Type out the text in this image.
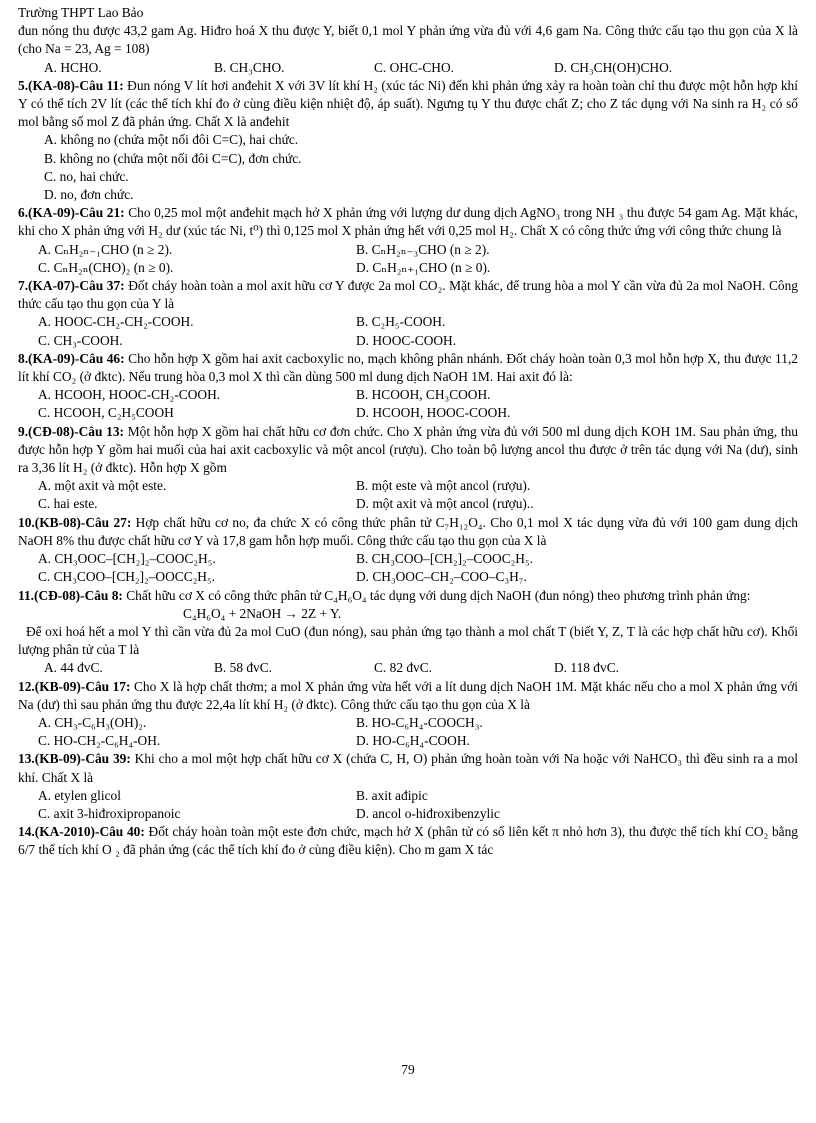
Trường THPT Lao Bảo

đun nóng thu được 43,2 gam Ag. Hiđro hoá X thu được Y, biết 0,1 mol Y phản ứng vừa đủ với 4,6 gam Na. Công thức cấu tạo thu gọn của X là (cho Na = 23, Ag = 108)

A. HCHO.	B. CH₃CHO.	C. OHC-CHO.	D. CH₃CH(OH)CHO.

5.(KA-08)-Câu 11: Đun nóng V lít hơi anđehit X với 3V lít khí H₂ (xúc tác Ni) đến khi phản ứng xảy ra hoàn toàn chỉ thu được một hỗn hợp khí Y có thể tích 2V lít (các thể tích khí đo ở cùng điều kiện nhiệt độ, áp suất). Ngưng tụ Y thu được chất Z; cho Z tác dụng với Na sinh ra H₂ có số mol bằng số mol Z đã phản ứng. Chất X là anđehit

A. không no (chứa một nối đôi C=C), hai chức.
B. không no (chứa một nối đôi C=C), đơn chức.
C. no, hai chức.
D. no, đơn chức.

6.(KA-09)-Câu 21: Cho 0,25 mol một anđehit mạch hở X phản ứng với lượng dư dung dịch AgNO₃ trong NH ₃ thu được 54 gam Ag. Mặt khác, khi cho X phản ứng với H₂ dư (xúc tác Ni, t⁰) thì 0,125 mol X phản ứng hết với 0,25 mol H₂. Chất X có công thức ứng với công thức chung là

A. CₙH₂ₙ₋₁CHO (n ≥ 2).	B. CₙH₂ₙ₋₃CHO (n ≥ 2).
C. CₙH₂ₙ(CHO)₂ (n ≥ 0).	D. CₙH₂ₙ₊₁CHO (n ≥ 0).

7.(KA-07)-Câu 37: Đốt cháy hoàn toàn a mol axit hữu cơ Y được 2a mol CO₂. Mặt khác, để trung hòa a mol Y cần vừa đủ 2a mol NaOH. Công thức cấu tạo thu gọn của Y là

A. HOOC-CH₂-CH₂-COOH.	B. C₂H₅-COOH.
C. CH₃-COOH.	D. HOOC-COOH.

8.(KA-09)-Câu 46: Cho hỗn hợp X gồm hai axit cacboxylic no, mạch không phân nhánh. Đốt cháy hoàn toàn 0,3 mol hỗn hợp X, thu được 11,2 lít khí CO₂ (ở đktc). Nếu trung hòa 0,3 mol X thì cần dùng 500 ml dung dịch NaOH 1M. Hai axit đó là:

A. HCOOH, HOOC-CH₂-COOH.	B. HCOOH, CH₃COOH.
C. HCOOH, C₂H₅COOH	D. HCOOH, HOOC-COOH.

9.(CĐ-08)-Câu 13: Một hỗn hợp X gồm hai chất hữu cơ đơn chức. Cho X phản ứng vừa đủ với 500 ml dung dịch KOH 1M. Sau phản ứng, thu được hỗn hợp Y gồm hai muối của hai axit cacboxylic và một ancol (rượu). Cho toàn bộ lượng ancol thu được ở trên tác dụng với Na (dư), sinh ra 3,36 lít H₂ (ở đktc). Hỗn hợp X gồm

A. một axit và một este.	B. một este và một ancol (rượu).
C. hai este.	D. một axit và một ancol (rượu)..

10.(KB-08)-Câu 27: Hợp chất hữu cơ no, đa chức X có công thức phân tử C₇H₁₂O₄. Cho 0,1 mol X tác dụng vừa đủ với 100 gam dung dịch NaOH 8% thu được chất hữu cơ Y và 17,8 gam hỗn hợp muối. Công thức cấu tạo thu gọn của X là

A. CH₃OOC–[CH₂]₂–COOC₂H₅.	B. CH₃COO–[CH₂]₂–COOC₂H₅.
C. CH₃COO–[CH₂]₂–OOCC₂H₅.	D. CH₃OOC–CH₂–COO–C₃H₇.

11.(CĐ-08)-Câu 8: Chất hữu cơ X có công thức phân tử C₄H₆O₄ tác dụng với dung dịch NaOH (đun nóng) theo phương trình phản ứng:

C₄H₆O₄ + 2NaOH → 2Z + Y.

Để oxi hoá hết a mol Y thì cần vừa đủ 2a mol CuO (đun nóng), sau phản ứng tạo thành a mol chất T (biết Y, Z, T là các hợp chất hữu cơ). Khối lượng phân tử của T là

A. 44 đvC.	B. 58 đvC.	C. 82 đvC.	D. 118 đvC.

12.(KB-09)-Câu 17: Cho X là hợp chất thơm; a mol X phản ứng vừa hết với a lít dung dịch NaOH 1M. Mặt khác nếu cho a mol X phản ứng với Na (dư) thì sau phản ứng thu được 22,4a lít khí H₂ (ở đktc). Công thức cấu tạo thu gọn của X là

A. CH₃-C₆H₃(OH)₂.	B. HO-C₆H₄-COOCH₃.
C. HO-CH₂-C₆H₄-OH.	D. HO-C₆H₄-COOH.

13.(KB-09)-Câu 39: Khi cho a mol một hợp chất hữu cơ X (chứa C, H, O) phản ứng hoàn toàn với Na hoặc với NaHCO₃ thì đều sinh ra a mol khí. Chất X là

A. etylen glicol	B. axit ađipic
C. axit 3-hiđroxipropanoic	D. ancol o-hiđroxibenzylic

14.(KA-2010)-Câu 40: Đốt cháy hoàn toàn một este đơn chức, mạch hở X (phân tử có số liên kết π nhỏ hơn 3), thu được thể tích khí CO₂ bằng 6/7 thể tích khí O ₂ đã phản ứng (các thể tích khí đo ở cùng điều kiện). Cho m gam X tác

79
